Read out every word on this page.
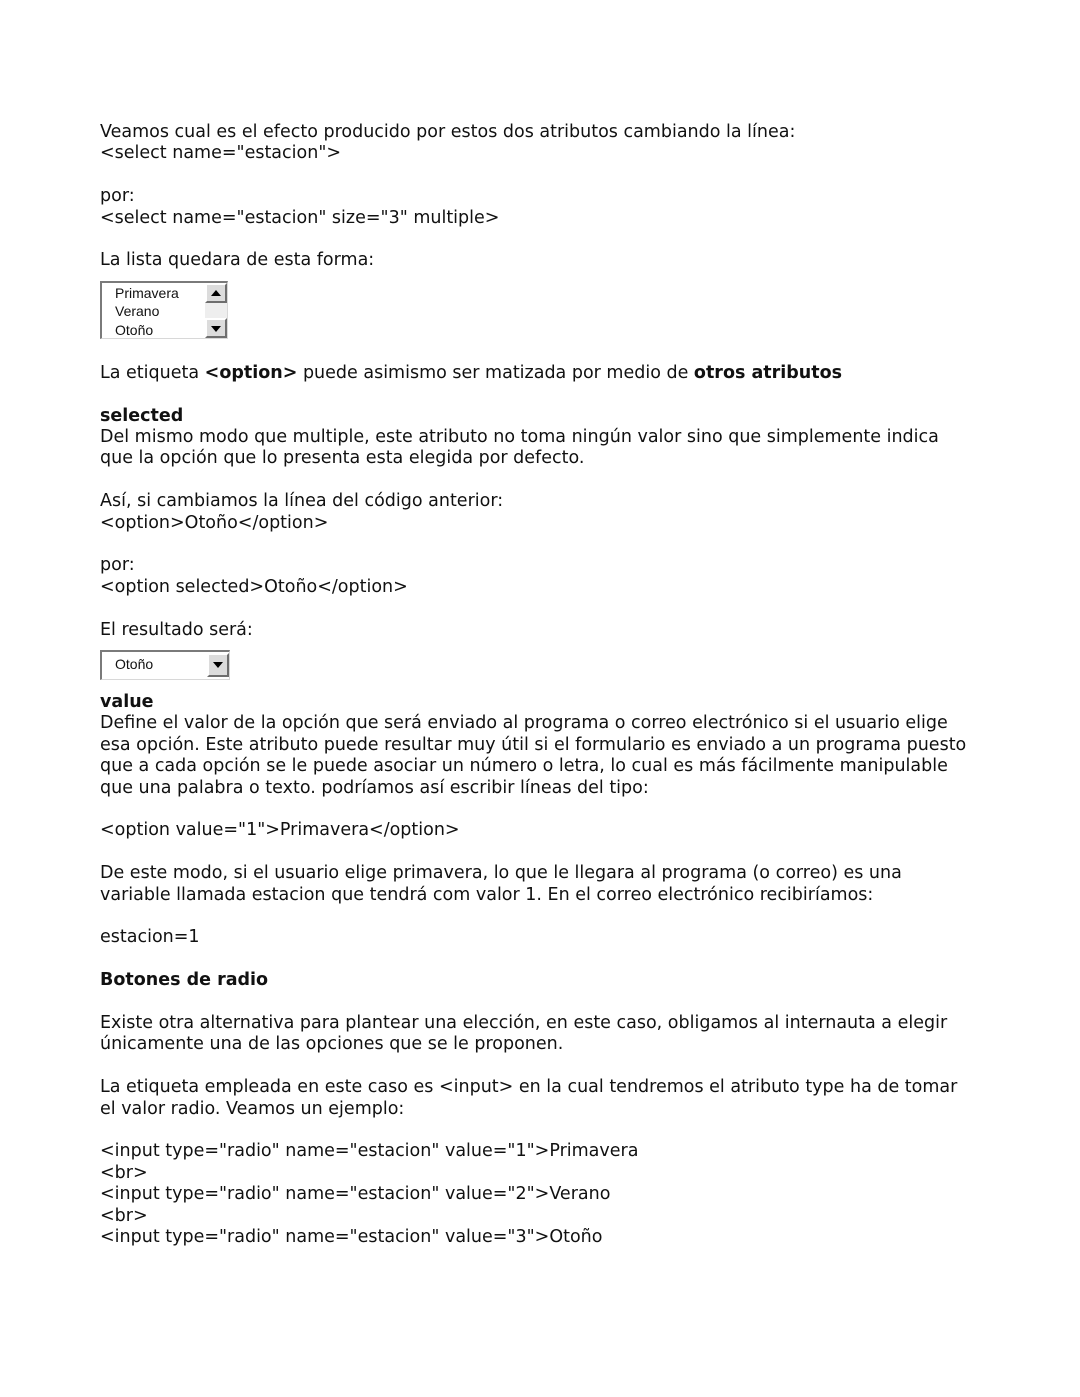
Veamos cual es el efecto producido por estos dos atributos cambiando la línea:
<select name="estacion">

por:
<select name="estacion" size="3" multiple>

La lista quedara de esta forma:

Primavera
Verano
Otoño

La etiqueta <option> puede asimismo ser matizada por medio de otros atributos

selected
Del mismo modo que multiple, este atributo no toma ningún valor sino que simplemente indica
que la opción que lo presenta esta elegida por defecto.

Así, si cambiamos la línea del código anterior:
<option>Otoño</option>

por:
<option selected>Otoño</option>

El resultado será:

Otoño

value
Define el valor de la opción que será enviado al programa o correo electrónico si el usuario elige
esa opción. Este atributo puede resultar muy útil si el formulario es enviado a un programa puesto
que a cada opción se le puede asociar un número o letra, lo cual es más fácilmente manipulable
que una palabra o texto. podríamos así escribir líneas del tipo:

<option value="1">Primavera</option>

De este modo, si el usuario elige primavera, lo que le llegara al programa (o correo) es una
variable llamada estacion que tendrá com valor 1. En el correo electrónico recibiríamos:

estacion=1

Botones de radio

Existe otra alternativa para plantear una elección, en este caso, obligamos al internauta a elegir
únicamente una de las opciones que se le proponen.

La etiqueta empleada en este caso es <input> en la cual tendremos el atributo type ha de tomar
el valor radio. Veamos un ejemplo:

<input type="radio" name="estacion" value="1">Primavera
<br>
<input type="radio" name="estacion" value="2">Verano
<br>
<input type="radio" name="estacion" value="3">Otoño
